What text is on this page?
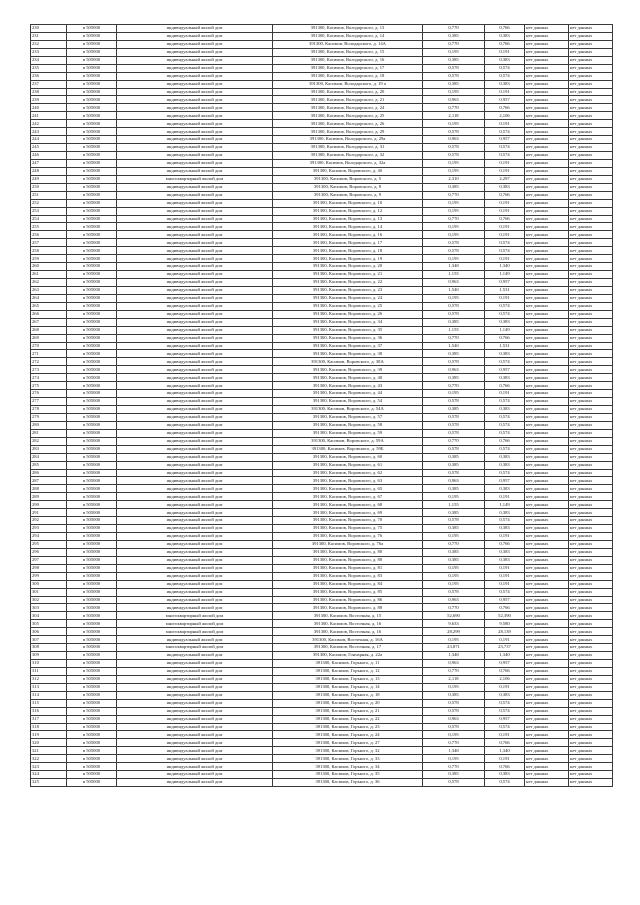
230	в 505000	индивидуальный жилой дом	391300, Касимов, Володарского, д. 13	0,770	0,766	нет данных	нет данных
231	в 505000	индивидуальный жилой дом	391300, Касимов, Володарского, д. 14	0,385	0,383	нет данных	нет данных
232	в 505000	индивидуальный жилой дом	391300, Касимов, Володарского, д. 14А	0,770	0,766	нет данных	нет данных
233	в 505000	индивидуальный жилой дом	391300, Касимов, Володарского, д. 15	0,195	0,191	нет данных	нет данных
234	в 505000	индивидуальный жилой дом	391300, Касимов, Володарского, д. 16	0,385	0,383	нет данных	нет данных
235	в 505000	индивидуальный жилой дом	391300, Касимов, Володарского, д. 17	0,578	0,574	нет данных	нет данных
236	в 505000	индивидуальный жилой дом	391300, Касимов, Володарского, д. 18	0,578	0,574	нет данных	нет данных
237	в 505000	индивидуальный жилой дом	391300, Касимов, Володарского, д. 19 а	0,385	0,383	нет данных	нет данных
238	в 505000	индивидуальный жилой дом	391300, Касимов, Володарского, д. 20	0,195	0,191	нет данных	нет данных
239	в 505000	индивидуальный жилой дом	391300, Касимов, Володарского, д. 21	0,963	0,957	нет данных	нет данных
240	в 505000	индивидуальный жилой дом	391300, Касимов, Володарского, д. 24	0,770	0,766	нет данных	нет данных
241	в 505000	индивидуальный жилой дом	391300, Касимов, Володарского, д. 25	2,118	2,106	нет данных	нет данных
242	в 505000	индивидуальный жилой дом	391300, Касимов, Володарского, д. 26	0,195	0,191	нет данных	нет данных
243	в 505000	индивидуальный жилой дом	391300, Касимов, Володарского, д. 29	0,578	0,574	нет данных	нет данных
244	в 505000	индивидуальный жилой дом	391300, Касимов, Володарского, д. 29а	0,963	0,957	нет данных	нет данных
245	в 505000	индивидуальный жилой дом	391300, Касимов, Володарского, д. 31	0,578	0,574	нет данных	нет данных
246	в 505000	индивидуальный жилой дом	391300, Касимов, Володарского, д. 32	0,578	0,574	нет данных	нет данных
247	в 505000	индивидуальный жилой дом	391300, Касимов, Володарского, д. 32а	0,195	0,191	нет данных	нет данных
248	в 505000	индивидуальный жилой дом	391300, Касимов, Воровского, д. 4б	0,195	0,191	нет данных	нет данных
249	в 505000	многоквартирный жилой дом	391300, Касимов, Воровского, д. 5	2,310	2,297	нет данных	нет данных
250	в 505000	индивидуальный жилой дом	391300, Касимов, Воровского, д. 8	0,385	0,383	нет данных	нет данных
251	в 505000	индивидуальный жилой дом	391300, Касимов, Воровского, д. 9	0,770	0,766	нет данных	нет данных
252	в 505000	индивидуальный жилой дом	391300, Касимов, Воровского, д. 10	0,195	0,191	нет данных	нет данных
253	в 505000	индивидуальный жилой дом	391300, Касимов, Воровского, д. 12	0,195	0,191	нет данных	нет данных
254	в 505000	индивидуальный жилой дом	391300, Касимов, Воровского, д. 13	0,770	0,766	нет данных	нет данных
255	в 505000	индивидуальный жилой дом	391300, Касимов, Воровского, д. 14	0,195	0,191	нет данных	нет данных
256	в 505000	индивидуальный жилой дом	391300, Касимов, Воровского, д. 16	0,195	0,191	нет данных	нет данных
257	в 505000	индивидуальный жилой дом	391300, Касимов, Воровского, д. 17	0,578	0,574	нет данных	нет данных
258	в 505000	индивидуальный жилой дом	391300, Касимов, Воровского, д. 18	0,578	0,574	нет данных	нет данных
259	в 505000	индивидуальный жилой дом	391300, Касимов, Воровского, д. 19	0,195	0,191	нет данных	нет данных
260	в 505000	индивидуальный жилой дом	391300, Касимов, Воровского, д. 20	1,348	1,340	нет данных	нет данных
261	в 505000	индивидуальный жилой дом	391300, Касимов, Воровского, д. 21	1,155	1,149	нет данных	нет данных
262	в 505000	индивидуальный жилой дом	391300, Касимов, Воровского, д. 22	0,963	0,957	нет данных	нет данных
263	в 505000	индивидуальный жилой дом	391300, Касимов, Воровского, д. 23	1,540	1,531	нет данных	нет данных
264	в 505000	индивидуальный жилой дом	391300, Касимов, Воровского, д. 24	0,195	0,191	нет данных	нет данных
265	в 505000	индивидуальный жилой дом	391300, Касимов, Воровского, д. 25	0,578	0,574	нет данных	нет данных
266	в 505000	индивидуальный жилой дом	391300, Касимов, Воровского, д. 26	0,578	0,574	нет данных	нет данных
267	в 505000	индивидуальный жилой дом	391300, Касимов, Воровского, д. 34	0,385	0,383	нет данных	нет данных
268	в 505000	индивидуальный жилой дом	391300, Касимов, Воровского, д. 35	1,155	1,149	нет данных	нет данных
269	в 505000	индивидуальный жилой дом	391300, Касимов, Воровского, д. 36	0,770	0,766	нет данных	нет данных
270	в 505000	индивидуальный жилой дом	391300, Касимов, Воровского, д. 37	1,540	1,531	нет данных	нет данных
271	в 505000	индивидуальный жилой дом	391300, Касимов, Воровского, д. 38	0,385	0,383	нет данных	нет данных
272	в 505000	индивидуальный жилой дом	391300, Касимов, Воровского, д. 38А	0,578	0,574	нет данных	нет данных
273	в 505000	индивидуальный жилой дом	391300, Касимов, Воровского, д. 39	0,963	0,957	нет данных	нет данных
274	в 505000	индивидуальный жилой дом	391300, Касимов, Воровского, д. 40	0,385	0,383	нет данных	нет данных
275	в 505000	индивидуальный жилой дом	391300, Касимов, Воровского, д. 43	0,770	0,766	нет данных	нет данных
276	в 505000	индивидуальный жилой дом	391300, Касимов, Воровского, д. 44	0,195	0,191	нет данных	нет данных
277	в 505000	индивидуальный жилой дом	391300, Касимов, Воровского, д. 54	0,578	0,574	нет данных	нет данных
278	в 505000	индивидуальный жилой дом	391300, Касимов, Воровского, д. 54А	0,385	0,383	нет данных	нет данных
279	в 505000	индивидуальный жилой дом	391300, Касимов, Воровского, д. 57	0,578	0,574	нет данных	нет данных
280	в 505000	индивидуальный жилой дом	391300, Касимов, Воровского, д. 58	0,578	0,574	нет данных	нет данных
281	в 505000	индивидуальный жилой дом	391300, Касимов, Воровского, д. 59	0,578	0,574	нет данных	нет данных
282	в 505000	индивидуальный жилой дом	391300, Касимов, Воровского, д. 59А	0,770	0,766	нет данных	нет данных
283	в 505000	индивидуальный жилой дом	391300, Касимов, Воровского, д. 59Б	0,578	0,574	нет данных	нет данных
284	в 505000	индивидуальный жилой дом	391300, Касимов, Воровского, д. 60	0,385	0,383	нет данных	нет данных
285	в 505000	индивидуальный жилой дом	391300, Касимов, Воровского, д. 61	0,385	0,383	нет данных	нет данных
286	в 505000	индивидуальный жилой дом	391300, Касимов, Воровского, д. 62	0,578	0,574	нет данных	нет данных
287	в 505000	индивидуальный жилой дом	391300, Касимов, Воровского, д. 63	0,963	0,957	нет данных	нет данных
288	в 505000	индивидуальный жилой дом	391300, Касимов, Воровского, д. 65	0,385	0,383	нет данных	нет данных
289	в 505000	индивидуальный жилой дом	391300, Касимов, Воровского, д. 67	0,195	0,191	нет данных	нет данных
290	в 505000	индивидуальный жилой дом	391300, Касимов, Воровского, д. 68	1,155	1,149	нет данных	нет данных
291	в 505000	индивидуальный жилой дом	391300, Касимов, Воровского, д. 69	0,385	0,383	нет данных	нет данных
292	в 505000	индивидуальный жилой дом	391300, Касимов, Воровского, д. 70	0,578	0,574	нет данных	нет данных
293	в 505000	индивидуальный жилой дом	391300, Касимов, Воровского, д. 75	0,385	0,383	нет данных	нет данных
294	в 505000	индивидуальный жилой дом	391300, Касимов, Воровского, д. 76	0,195	0,191	нет данных	нет данных
295	в 505000	индивидуальный жилой дом	391300, Касимов, Воровского, д. 76а	0,770	0,766	нет данных	нет данных
296	в 505000	индивидуальный жилой дом	391300, Касимов, Воровского, д. 80	0,385	0,383	нет данных	нет данных
297	в 505000	индивидуальный жилой дом	391300, Касимов, Воровского, д. 80	0,385	0,383	нет данных	нет данных
298	в 505000	индивидуальный жилой дом	391300, Касимов, Воровского, д. 81	0,195	0,191	нет данных	нет данных
299	в 505000	индивидуальный жилой дом	391300, Касимов, Воровского, д. 83	0,195	0,191	нет данных	нет данных
300	в 505000	индивидуальный жилой дом	391300, Касимов, Воровского, д. 84	0,195	0,191	нет данных	нет данных
301	в 505000	индивидуальный жилой дом	391300, Касимов, Воровского, д. 85	0,578	0,574	нет данных	нет данных
302	в 505000	индивидуальный жилой дом	391300, Касимов, Воровского, д. 86	0,963	0,957	нет данных	нет данных
303	в 505000	индивидуальный жилой дом	391300, Касимов, Воровского, д. 88	0,770	0,766	нет данных	нет данных
304	в 505000	многоквартирный жилой дом	391300, Касимов, Восточная, д. 15	52,690	52,390	нет данных	нет данных
305	в 505000	многоквартирный жилой дом	391300, Касимов, Восточная, д. 16	9,633	9,580	нет данных	нет данных
306	в 505000	многоквартирный жилой дом	391300, Касимов, Восточная, д. 16	28,299	28,139	нет данных	нет данных
307	в 505000	индивидуальный жилой дом	391300, Касимов, Восточная, д. 16А	0,195	0,191	нет данных	нет данных
308	в 505000	многоквартирный жилой дом	391300, Касимов, Восточная, д. 17	23,871	23,737	нет данных	нет данных
309	в 505000	индивидуальный жилой дом	391300, Касимов, Гончарная, д. 22а	1,348	1,340	нет данных	нет данных
310	в 505000	индивидуальный жилой дом	391300, Касимов, Горького, д. 11	0,963	0,957	нет данных	нет данных
311	в 505000	индивидуальный жилой дом	391300, Касимов, Горького, д. 12	0,770	0,766	нет данных	нет данных
312	в 505000	индивидуальный жилой дом	391300, Касимов, Горького, д. 13	2,118	2,106	нет данных	нет данных
313	в 505000	индивидуальный жилой дом	391300, Касимов, Горького, д. 14	0,195	0,191	нет данных	нет данных
314	в 505000	индивидуальный жилой дом	391300, Касимов, Горького, д. 18	0,385	0,383	нет данных	нет данных
315	в 505000	индивидуальный жилой дом	391300, Касимов, Горького, д. 20	0,578	0,574	нет данных	нет данных
316	в 505000	индивидуальный жилой дом	391300, Касимов, Горького, д. 21	0,578	0,574	нет данных	нет данных
317	в 505000	индивидуальный жилой дом	391300, Касимов, Горького, д. 22	0,963	0,957	нет данных	нет данных
318	в 505000	индивидуальный жилой дом	391300, Касимов, Горького, д. 23	0,578	0,574	нет данных	нет данных
319	в 505000	индивидуальный жилой дом	391300, Касимов, Горького, д. 24	0,195	0,191	нет данных	нет данных
320	в 505000	индивидуальный жилой дом	391300, Касимов, Горького, д. 27	0,770	0,766	нет данных	нет данных
321	в 505000	индивидуальный жилой дом	391300, Касимов, Горького, д. 32	1,348	1,340	нет данных	нет данных
322	в 505000	индивидуальный жилой дом	391300, Касимов, Горького, д. 33	0,195	0,191	нет данных	нет данных
323	в 505000	индивидуальный жилой дом	391300, Касимов, Горького, д. 34	0,770	0,766	нет данных	нет данных
324	в 505000	индивидуальный жилой дом	391300, Касимов, Горького, д. 35	0,385	0,383	нет данных	нет данных
325	в 505000	индивидуальный жилой дом	391300, Касимов, Горького, д. 36	0,578	0,574	нет данных	нет данных
